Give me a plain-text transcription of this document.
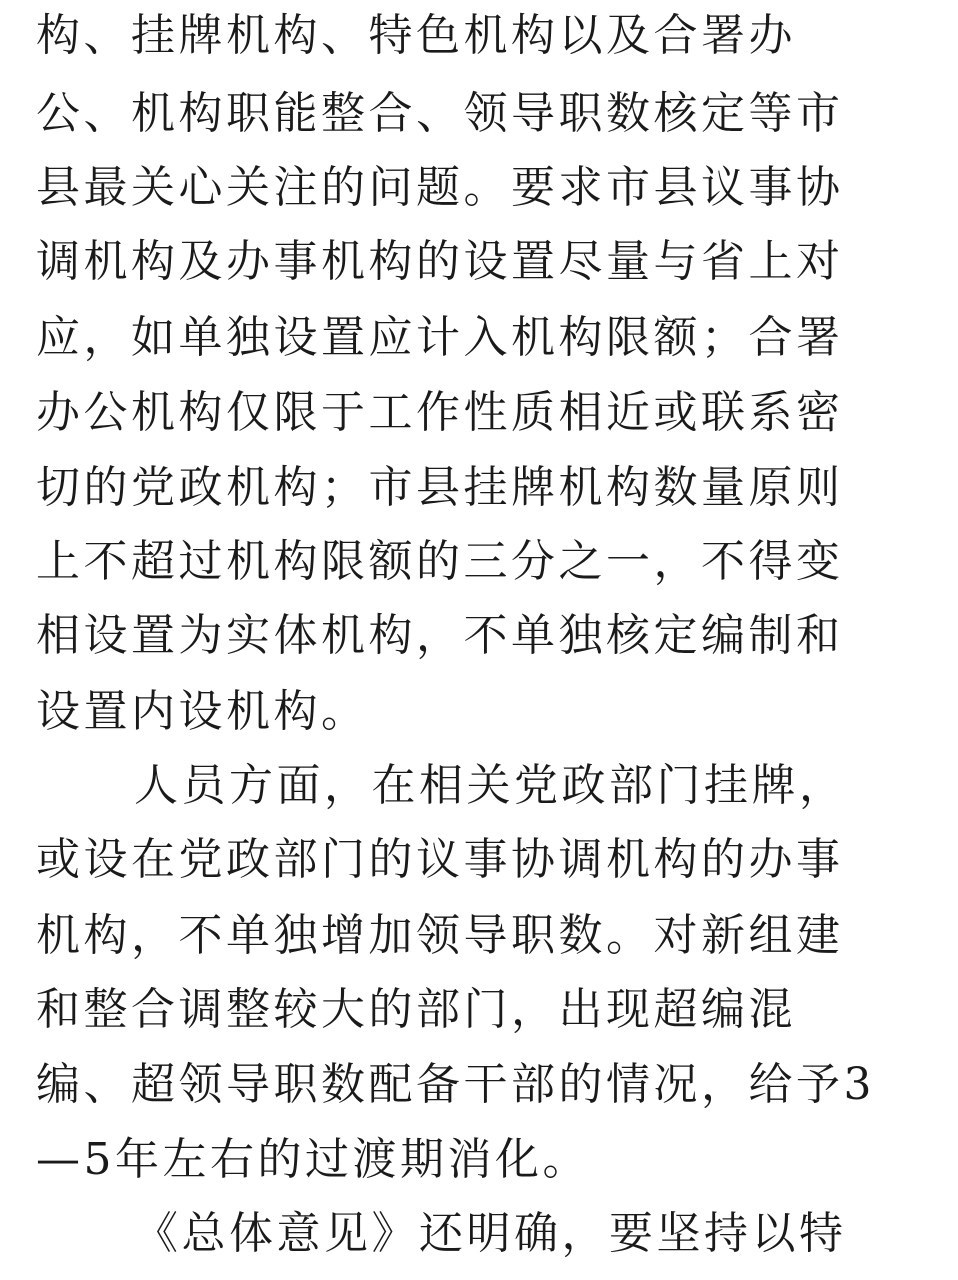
构、挂牌机构、特色机构以及合署办

公、机构职能整合、领导职数核定等市

县最关心关注的问题。要求市县议事协

调机构及办事机构的设置尽量与省上对

应，如单独设置应计入机构限额；合署

办公机构仅限于工作性质相近或联系密

切的党政机构；市县挂牌机构数量原则

上不超过机构限额的三分之一，不得变

相设置为实体机构，不单独核定编制和

设置内设机构。

人员方面，在相关党政部门挂牌，

或设在党政部门的议事协调机构的办事

机构，不单独增加领导职数。对新组建

和整合调整较大的部门，出现超编混

编、超领导职数配备干部的情况，给予3

—5年左右的过渡期消化。

《总体意见》还明确，要坚持以特
